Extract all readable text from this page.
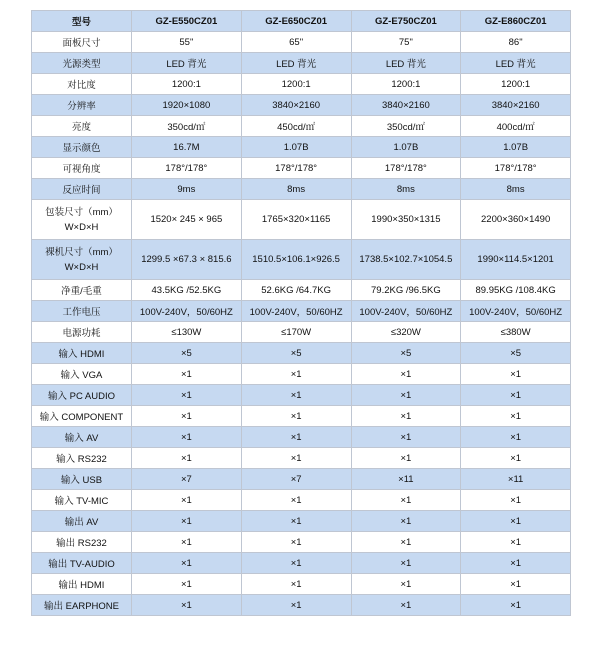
型号	GZ-E550CZ01	GZ-E650CZ01	GZ-E750CZ01	GZ-E860CZ01
面板尺寸	55"	65"	75"	86"
光源类型	LED 背光	LED 背光	LED 背光	LED 背光
对比度	1200:1	1200:1	1200:1	1200:1
分辨率	1920×1080	3840×2160	3840×2160	3840×2160
亮度	350cd/㎡	450cd/㎡	350cd/㎡	400cd/㎡
显示颜色	16.7M	1.07B	1.07B	1.07B
可视角度	178°/178°	178°/178°	178°/178°	178°/178°
反应时间	9ms	8ms	8ms	8ms
包装尺寸（mm）
W×D×H	1520× 245 × 965	1765×320×1165	1990×350×1315	2200×360×1490
裸机尺寸（mm）
W×D×H	1299.5 ×67.3 × 815.6	1510.5×106.1×926.5	1738.5×102.7×1054.5	1990×114.5×1201
净重/毛重	43.5KG /52.5KG	52.6KG /64.7KG	79.2KG /96.5KG	89.95KG /108.4KG
工作电压	100V-240V，50/60HZ	100V-240V，50/60HZ	100V-240V，50/60HZ	100V-240V，50/60HZ
电源功耗	≤130W	≤170W	≤320W	≤380W
输入 HDMI	×5	×5	×5	×5
输入 VGA	×1	×1	×1	×1
输入 PC AUDIO	×1	×1	×1	×1
输入 COMPONENT	×1	×1	×1	×1
输入 AV	×1	×1	×1	×1
输入 RS232	×1	×1	×1	×1
输入 USB	×7	×7	×11	×11
输入 TV-MIC	×1	×1	×1	×1
输出 AV	×1	×1	×1	×1
输出 RS232	×1	×1	×1	×1
输出 TV-AUDIO	×1	×1	×1	×1
输出 HDMI	×1	×1	×1	×1
输出 EARPHONE	×1	×1	×1	×1
